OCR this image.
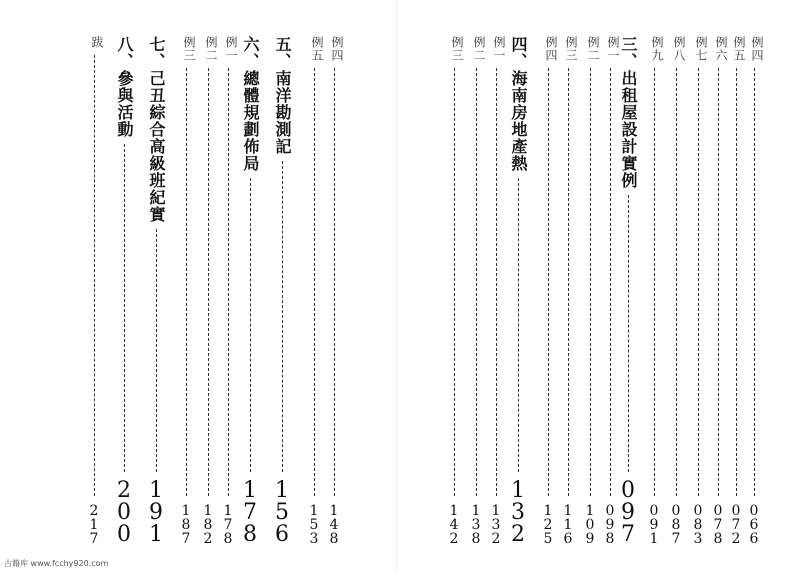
跋
2
1
7
八、參與活動
2
0
0
七、己丑綜合高級班紀實
1
9
1
例三
1
8
7
例二
1
8
2
例一
1
7
8
六、總體規劃佈局
1
7
8
五、南洋勘測記
1
5
6
例五
1
5
3
例四
1
4
8
例三
1
4
2
例二
1
3
8
例一
1
3
2
四、海南房地產熱
1
3
2
例四
1
2
5
例三
1
1
6
例二
1
0
9
例一
0
9
8
三、出租屋設計實例
0
9
7
例九
0
9
1
例八
0
8
7
例七
0
8
3
例六
0
7
8
例五
0
7
2
例四
0
6
6
古籍库 www.fcchy920.com
